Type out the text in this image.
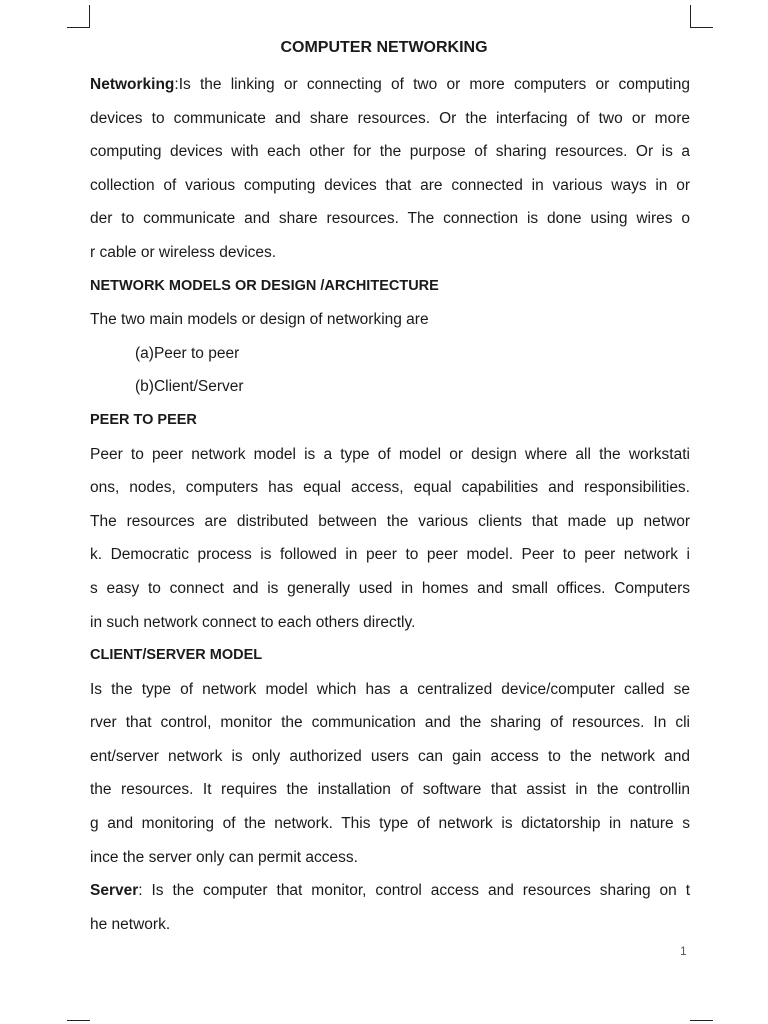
COMPUTER NETWORKING
Networking:Is the linking or connecting of two or more computers or computing
devices to communicate and share resources. Or the interfacing of two or more
computing devices with each other for the purpose of sharing resources. Or is a
collection of various computing devices that are connected in various ways in or
der to communicate and share resources. The connection is done using wires o
r cable or wireless devices.
NETWORK MODELS OR DESIGN /ARCHITECTURE
The two main models or design of networking are
(a)Peer to peer
(b)Client/Server
PEER TO PEER
Peer to peer network model is a type of model or design where all the workstati
ons, nodes, computers has equal access, equal capabilities and responsibilities.
The resources are distributed between the various clients that made up networ
k. Democratic process is followed in peer to peer model. Peer to peer network i
s easy to connect and is generally used in homes and small offices. Computers
in such network connect to each others directly.
CLIENT/SERVER MODEL
Is the type of network model which has a centralized device/computer called se
rver that control, monitor the communication and the sharing of resources. In cli
ent/server network is only authorized users can gain access to the network and
the resources. It requires the installation of software that assist in the controllin
g and monitoring of the network. This type of network is dictatorship in nature s
ince the server only can permit access.
Server: Is the computer that monitor, control access and resources sharing on t
he network.
1
